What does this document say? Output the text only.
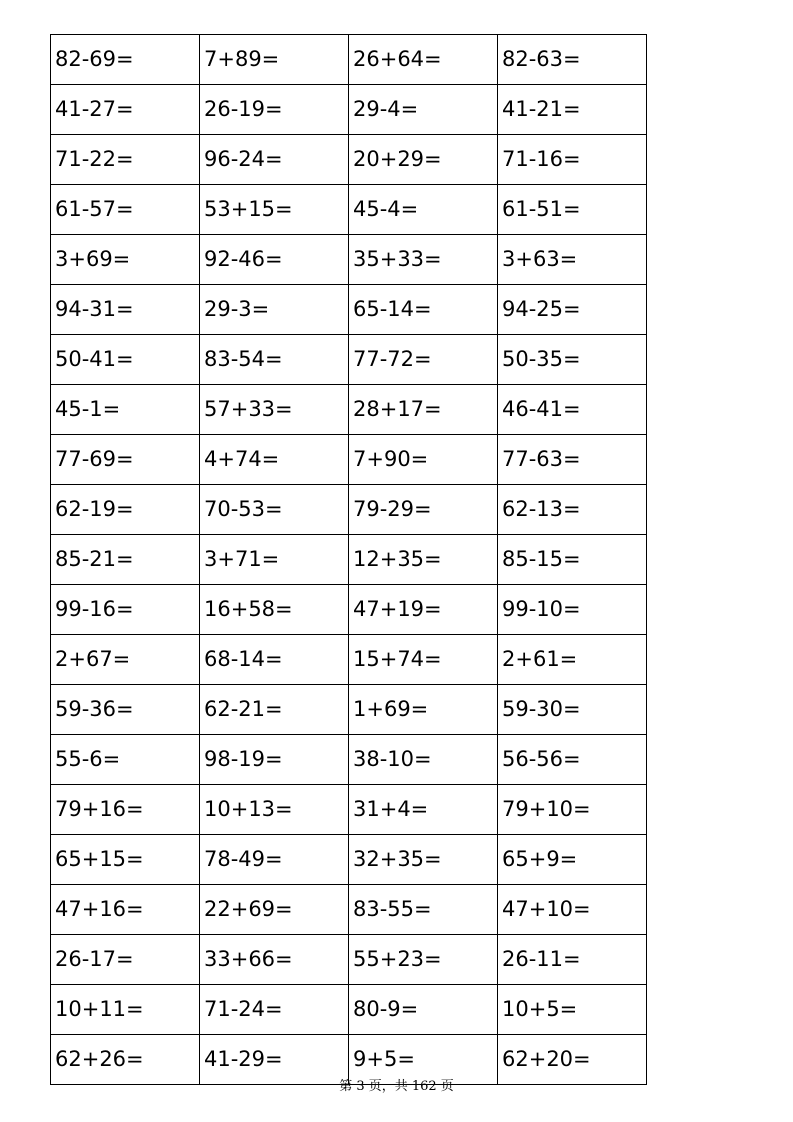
82-69=	7+89=	26+64=	82-63=
41-27=	26-19=	29-4=	41-21=
71-22=	96-24=	20+29=	71-16=
61-57=	53+15=	45-4=	61-51=
3+69=	92-46=	35+33=	3+63=
94-31=	29-3=	65-14=	94-25=
50-41=	83-54=	77-72=	50-35=
45-1=	57+33=	28+17=	46-41=
77-69=	4+74=	7+90=	77-63=
62-19=	70-53=	79-29=	62-13=
85-21=	3+71=	12+35=	85-15=
99-16=	16+58=	47+19=	99-10=
2+67=	68-14=	15+74=	2+61=
59-36=	62-21=	1+69=	59-30=
55-6=	98-19=	38-10=	56-56=
79+16=	10+13=	31+4=	79+10=
65+15=	78-49=	32+35=	65+9=
47+16=	22+69=	83-55=	47+10=
26-17=	33+66=	55+23=	26-11=
10+11=	71-24=	80-9=	10+5=
62+26=	41-29=	9+5=	62+20=
第 3 页，共 162 页
